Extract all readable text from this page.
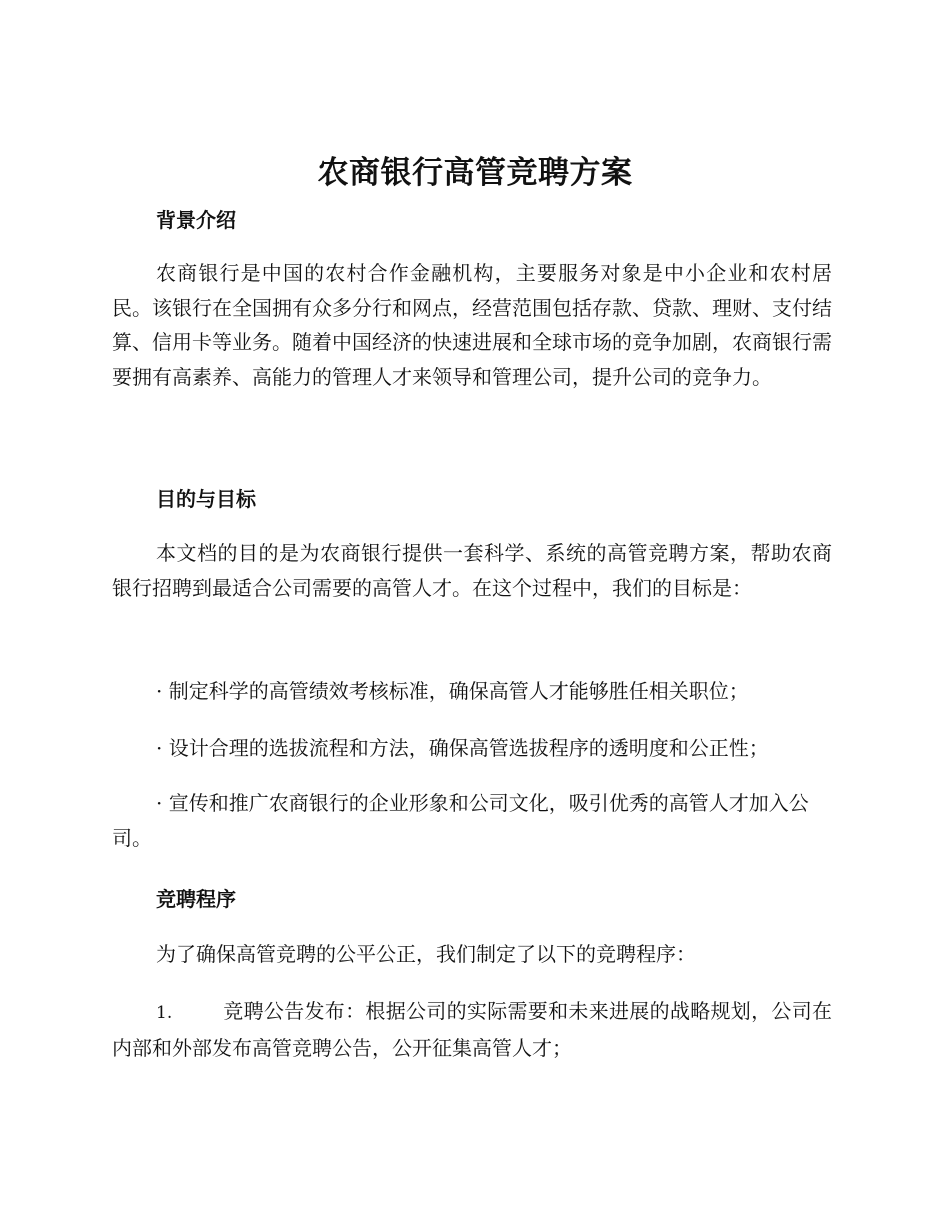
农商银行高管竞聘方案
背景介绍

农商银行是中国的农村合作金融机构，主要服务对象是中小企业和农村居民。该银行在全国拥有众多分行和网点，经营范围包括存款、贷款、理财、支付结算、信用卡等业务。随着中国经济的快速进展和全球市场的竞争加剧，农商银行需要拥有高素养、高能力的管理人才来领导和管理公司，提升公司的竞争力。

目的与目标

本文档的目的是为农商银行提供一套科学、系统的高管竞聘方案，帮助农商银行招聘到最适合公司需要的高管人才。在这个过程中，我们的目标是：

· 制定科学的高管绩效考核标准，确保高管人才能够胜任相关职位；

· 设计合理的选拔流程和方法，确保高管选拔程序的透明度和公正性；

· 宣传和推广农商银行的企业形象和公司文化，吸引优秀的高管人才加入公司。

竞聘程序

为了确保高管竞聘的公平公正，我们制定了以下的竞聘程序：

1.	竞聘公告发布：根据公司的实际需要和未来进展的战略规划，公司在内部和外部发布高管竞聘公告，公开征集高管人才；
